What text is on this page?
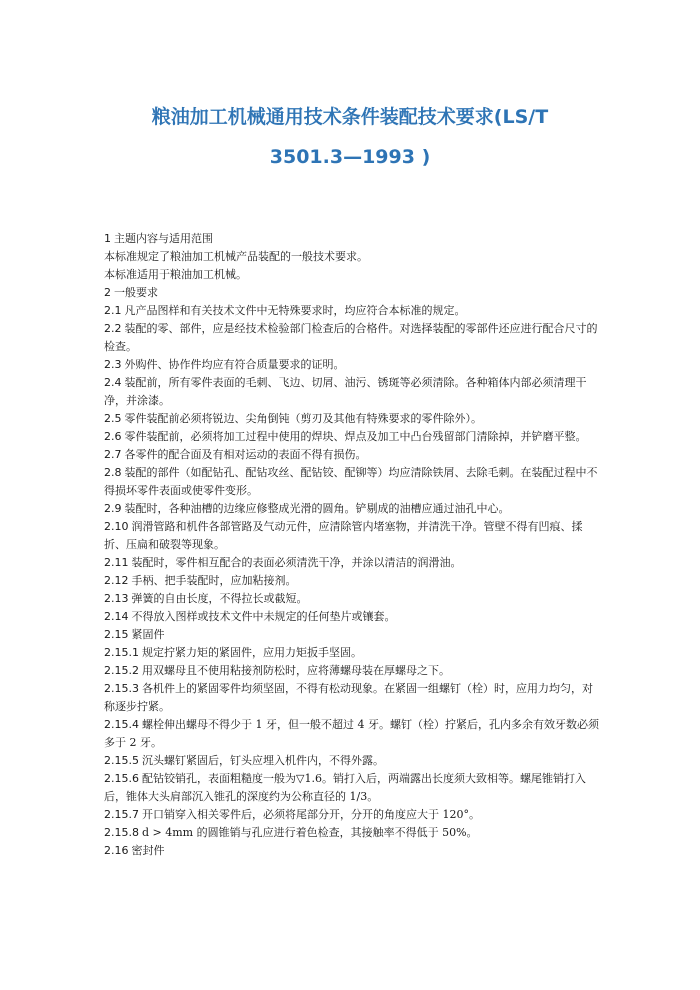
粮油加工机械通用技术条件装配技术要求(LS/T
3501.3—1993 )

1 主题内容与适用范围

本标准规定了粮油加工机械产品装配的一般技术要求。

本标准适用于粮油加工机械。

2 一般要求

2.1 凡产品图样和有关技术文件中无特殊要求时，均应符合本标准的规定。

2.2 装配的零、部件，应是经技术检验部门检查后的合格件。对选择装配的零部件还应进行配合尺寸的检查。

2.3 外购件、协作件均应有符合质量要求的证明。

2.4 装配前，所有零件表面的毛刺、飞边、切屑、油污、锈斑等必须清除。各种箱体内部必须清理干净，并涂漆。

2.5 零件装配前必须将锐边、尖角倒钝（剪刃及其他有特殊要求的零件除外）。

2.6 零件装配前，必须将加工过程中使用的焊块、焊点及加工中凸台残留部门清除掉，并铲磨平整。

2.7 各零件的配合面及有相对运动的表面不得有损伤。

2.8 装配的部件（如配钻孔、配钻攻丝、配钻铰、配铆等）均应清除铁屑、去除毛刺。在装配过程中不得损坏零件表面或使零件变形。

2.9 装配时，各种油槽的边缘应修整成光滑的圆角。铲剔成的油槽应通过油孔中心。

2.10 润滑管路和机件各部管路及气动元件，应清除管内堵塞物，并清洗干净。管壁不得有凹痕、揉折、压扁和破裂等现象。

2.11 装配时，零件相互配合的表面必须清洗干净，并涂以清洁的润滑油。

2.12 手柄、把手装配时，应加粘接剂。

2.13 弹簧的自由长度，不得拉长或截短。

2.14 不得放入图样或技术文件中未规定的任何垫片或镶套。

2.15 紧固件

2.15.1 规定拧紧力矩的紧固件，应用力矩扳手坚固。

2.15.2 用双螺母且不使用粘接剂防松时，应将薄螺母装在厚螺母之下。

2.15.3 各机件上的紧固零件均须坚固，不得有松动现象。在紧固一组螺钉（栓）时，应用力均匀，对称逐步拧紧。

2.15.4 螺栓伸出螺母不得少于 1 牙，但一般不超过 4 牙。螺钉（栓）拧紧后，孔内多余有效牙数必须多于 2 牙。

2.15.5 沉头螺钉紧固后，钉头应埋入机件内，不得外露。

2.15.6 配钻铰销孔，表面粗糙度一般为▽1.6。销打入后，两端露出长度须大致相等。螺尾锥销打入后，锥体大头肩部沉入锥孔的深度约为公称直径的 1/3。

2.15.7 开口销穿入相关零件后，必须将尾部分开，分开的角度应大于 120°。

2.15.8 d > 4mm 的圆锥销与孔应进行着色检查，其接触率不得低于 50%。

2.16 密封件
